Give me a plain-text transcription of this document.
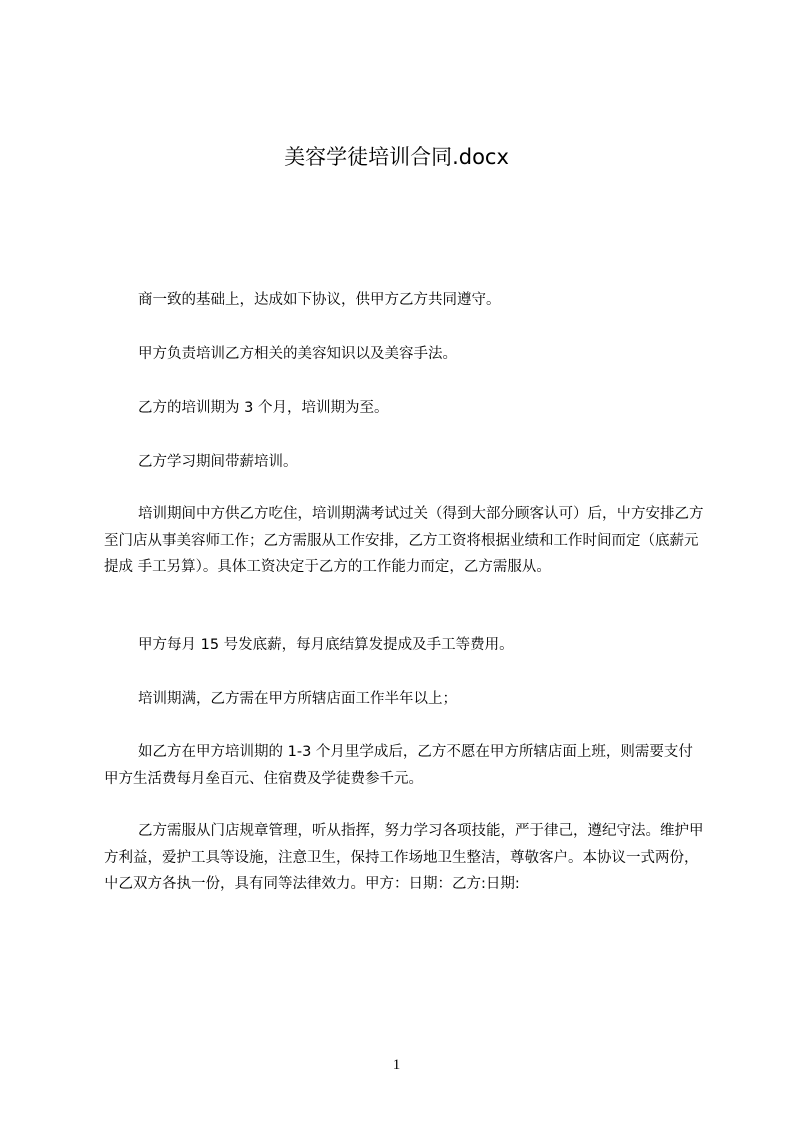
美容学徒培训合同.docx

商一致的基础上，达成如下协议，供甲方乙方共同遵守。

甲方负责培训乙方相关的美容知识以及美容手法。

乙方的培训期为 3 个月，培训期为至。

乙方学习期间带薪培训。

培训期间中方供乙方吃住，培训期满考试过关（得到大部分顾客认可）后，屮方安排乙方至门店从事美容师工作；乙方需服从工作安排，乙方工资将根据业绩和工作时间而定（底薪元提成 手工另算）。具体工资决定于乙方的工作能力而定，乙方需服从。

甲方每月 15 号发底薪，每月底结算发提成及手工等费用。

培训期满，乙方需在甲方所辖店面工作半年以上；

如乙方在甲方培训期的 1-3 个月里学成后，乙方不愿在甲方所辖店面上班，则需要支付甲方生活费每月垒百元、住宿费及学徒费参千元。

乙方需服从门店规章管理，听从指挥，努力学习各项技能，严于律己，遵纪守法。维护甲方利益，爱护工具等设施，注意卫生，保持工作场地卫生整洁，尊敬客户。本协议一式两份，屮乙双方各执一份，具有同等法律效力。甲方：日期：乙方:日期:

1
